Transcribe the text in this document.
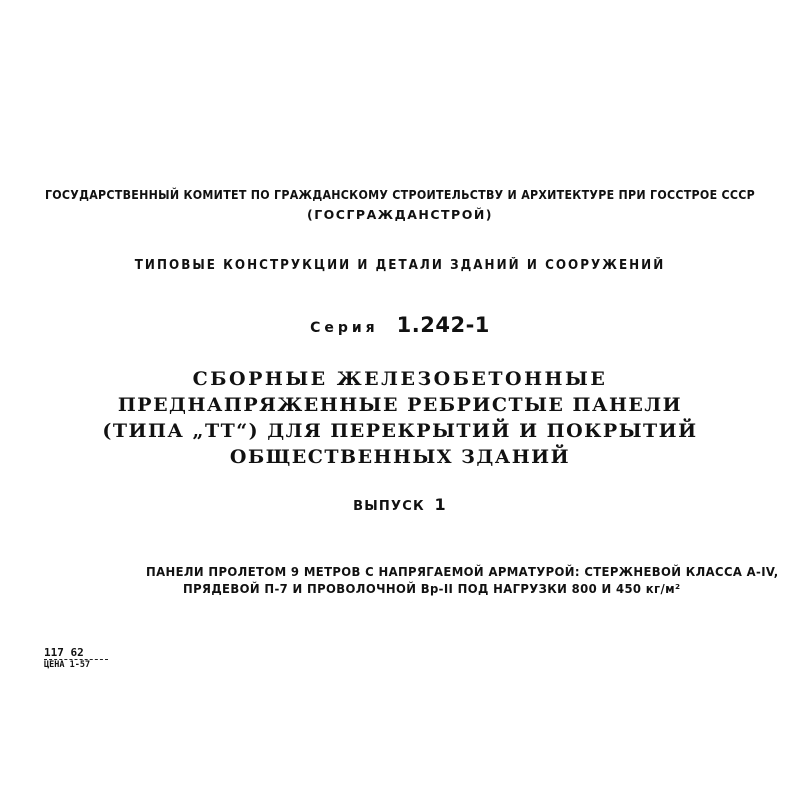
ГОСУДАРСТВЕННЫЙ КОМИТЕТ ПО ГРАЖДАНСКОМУ СТРОИТЕЛЬСТВУ И АРХИТЕКТУРЕ ПРИ ГОССТРОЕ СССР
(ГОСГРАЖДАНСТРОЙ)
ТИПОВЫЕ КОНСТРУКЦИИ И ДЕТАЛИ ЗДАНИЙ И СООРУЖЕНИЙ
Серия 1.242-1
СБОРНЫЕ ЖЕЛЕЗОБЕТОННЫЕ
ПРЕДНАПРЯЖЕННЫЕ РЕБРИСТЫЕ ПАНЕЛИ
(ТИПА „ТТ“) ДЛЯ ПЕРЕКРЫТИЙ И ПОКРЫТИЙ
ОБЩЕСТВЕННЫХ ЗДАНИЙ
ВЫПУСК 1
ПАНЕЛИ ПРОЛЕТОМ 9 МЕТРОВ С НАПРЯГАЕМОЙ АРМАТУРОЙ: СТЕРЖНЕВОЙ КЛАССА А-IV,
ПРЯДЕВОЙ П-7 И ПРОВОЛОЧНОЙ Вр-II ПОД НАГРУЗКИ 800 И 450 кг/м²
117 62
ЦЕНА 1-57
